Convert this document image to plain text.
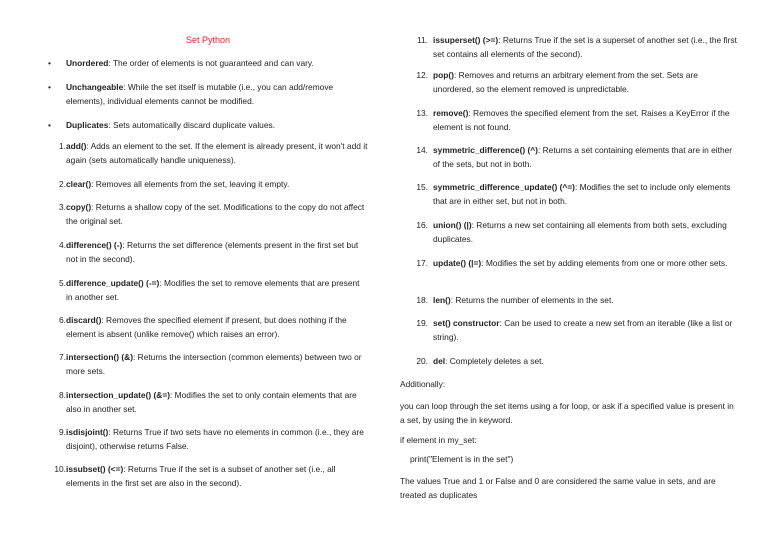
Set Python
•	Unordered: The order of elements is not guaranteed and can vary.
•	Unchangeable: While the set itself is mutable (i.e., you can add/remove elements), individual elements cannot be modified.
•	Duplicates: Sets automatically discard duplicate values.
1. add(): Adds an element to the set. If the element is already present, it won't add it again (sets automatically handle uniqueness).
2. clear(): Removes all elements from the set, leaving it empty.
3. copy(): Returns a shallow copy of the set. Modifications to the copy do not affect the original set.
4. difference() (-): Returns the set difference (elements present in the first set but not in the second).
5. difference_update() (-=): Modifies the set to remove elements that are present in another set.
6. discard(): Removes the specified element if present, but does nothing if the element is absent (unlike remove() which raises an error).
7. intersection() (&): Returns the intersection (common elements) between two or more sets.
8. intersection_update() (&=): Modifies the set to only contain elements that are also in another set.
9. isdisjoint(): Returns True if two sets have no elements in common (i.e., they are disjoint), otherwise returns False.
10. issubset() (<=): Returns True if the set is a subset of another set (i.e., all elements in the first set are also in the second).
11. issuperset() (>=): Returns True if the set is a superset of another set (i.e., the first set contains all elements of the second).
12. pop(): Removes and returns an arbitrary element from the set. Sets are unordered, so the element removed is unpredictable.
13. remove(): Removes the specified element from the set. Raises a KeyError if the element is not found.
14. symmetric_difference() (^): Returns a set containing elements that are in either of the sets, but not in both.
15. symmetric_difference_update() (^=): Modifies the set to include only elements that are in either set, but not in both.
16. union() (|): Returns a new set containing all elements from both sets, excluding duplicates.
17. update() (|=): Modifies the set by adding elements from one or more other sets.
18. len(): Returns the number of elements in the set.
19. set() constructor: Can be used to create a new set from an iterable (like a list or string).
20. del: Completely deletes a set.
Additionally:
you can loop through the set items using a for loop, or ask if a specified value is present in a set, by using the in keyword.
if element in my_set:
print("Element is in the set")
The values True and 1 or False and 0 are considered the same value in sets, and are treated as duplicates
